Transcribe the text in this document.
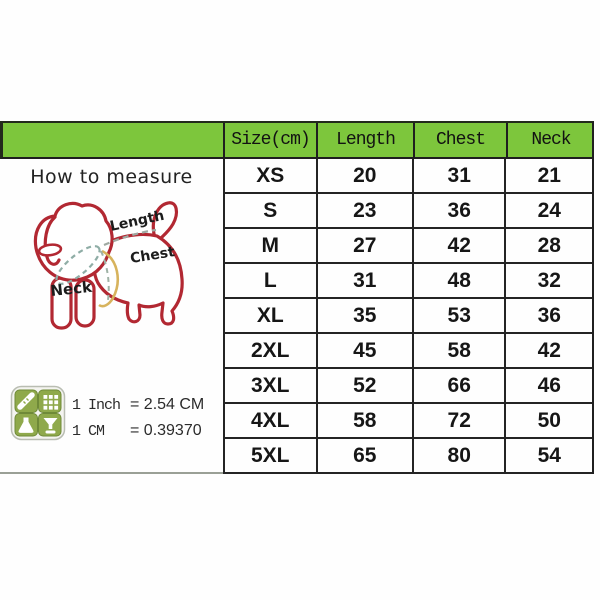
Size(cm)	Length	Chest	Neck
XS	20	31	21
S	23	36	24
M	27	42	28
L	31	48	32
XL	35	53	36
2XL	45	58	42
3XL	52	66	46
4XL	58	72	50
5XL	65	80	54
How to measure
Length
Chest
Neck
1 Inch = 2.54 CM
1 CM	= 0.39370
